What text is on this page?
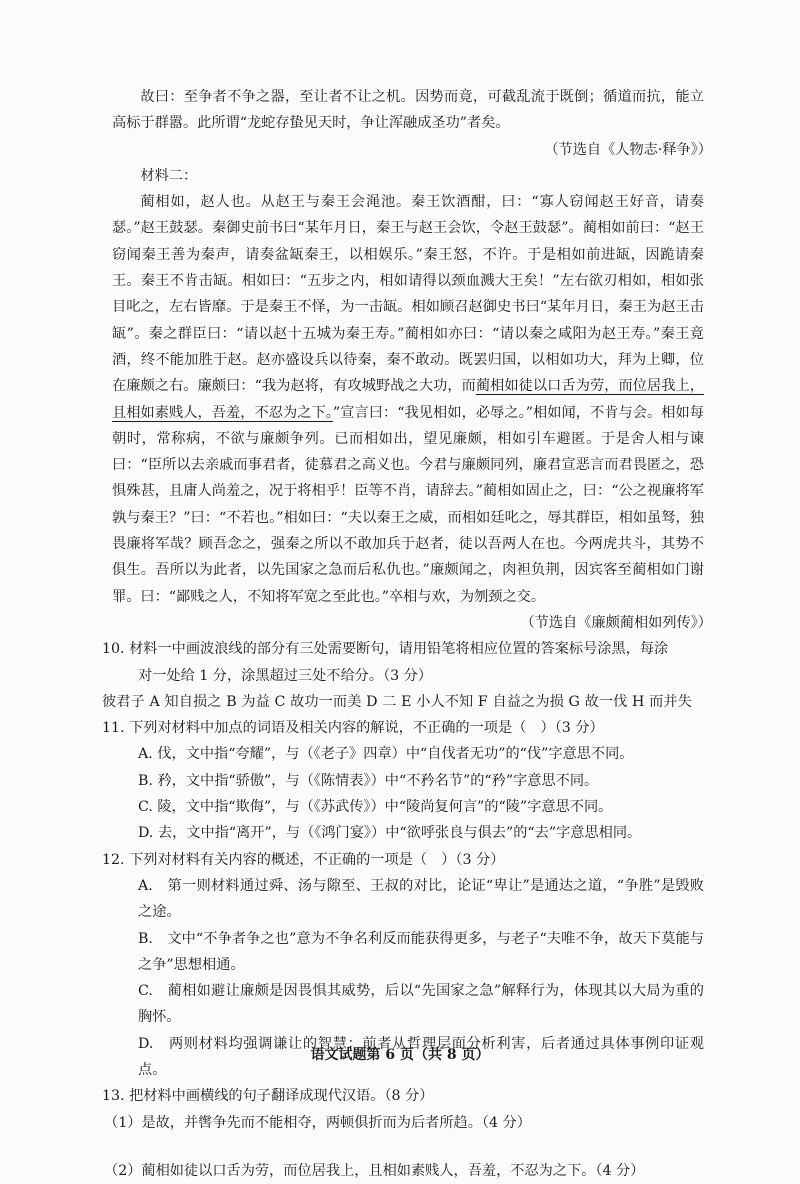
故曰：至争者不争之器，至让者不让之机。因势而竟，可截乱流于既倒；循道而抗，能立高标于群嚣。此所谓“龙蛇存蛰见天时，争让浑融成圣功”者矣。

（节选自《人物志·释争》）

材料二：

蔺相如，赵人也。从赵王与秦王会渑池。秦王饮酒酣，曰：“寡人窃闻赵王好音，请奏瑟。”赵王鼓瑟。秦御史前书曰“某年月日，秦王与赵王会饮，令赵王鼓瑟”。蔺相如前曰：“赵王窃闻秦王善为秦声，请奏盆缻秦王，以相娱乐。”秦王怒，不许。于是相如前进缻，因跪请秦王。秦王不肯击缻。相如曰：“五步之内，相如请得以颈血溅大王矣！”左右欲刃相如，相如张目叱之，左右皆靡。于是秦王不怿，为一击缻。相如顾召赵御史书曰“某年月日，秦王为赵王击缻”。秦之群臣曰：“请以赵十五城为秦王寿。”蔺相如亦曰：“请以秦之咸阳为赵王寿。”秦王竟酒，终不能加胜于赵。赵亦盛设兵以待秦，秦不敢动。既罢归国，以相如功大，拜为上卿，位在廉颇之右。廉颇曰：“我为赵将，有攻城野战之大功，而蔺相如徒以口舌为劳，而位居我上，且相如素贱人，吾羞，不忍为之下。”宣言曰：“我见相如，必辱之。”相如闻，不肯与会。相如每朝时，常称病，不欲与廉颇争列。已而相如出，望见廉颇，相如引车避匿。于是舍人相与谏曰：“臣所以去亲戚而事君者，徒慕君之高义也。今君与廉颇同列，廉君宣恶言而君畏匿之，恐惧殊甚，且庸人尚羞之，况于将相乎！臣等不肖，请辞去。”蔺相如固止之，曰：“公之视廉将军孰与秦王？”曰：“不若也。”相如曰：“夫以秦王之威，而相如廷叱之，辱其群臣，相如虽驽，独畏廉将军哉？顾吾念之，强秦之所以不敢加兵于赵者，徒以吾两人在也。今两虎共斗，其势不俱生。吾所以为此者，以先国家之急而后私仇也。”廉颇闻之，肉袒负荆，因宾客至蔺相如门谢罪。曰：“鄙贱之人，不知将军宽之至此也。”卒相与欢，为刎颈之交。

（节选自《廉颇蔺相如列传》）

10. 材料一中画波浪线的部分有三处需要断句，请用铅笔将相应位置的答案标号涂黑，每涂

对一处给 1 分，涂黑超过三处不给分。（3 分）

彼君子 A 知自损之 B 为益 C 故功一而美 D 二 E 小人不知 F 自益之为损 G 故一伐 H 而并失

11. 下列对材料中加点的词语及相关内容的解说，不正确的一项是（　）（3 分）

A. 伐，文中指“夸耀”，与（《老子》四章）中“自伐者无功”的“伐”字意思不同。

B. 矜，文中指“骄傲”，与（《陈情表》）中“不矜名节”的“矜”字意思不同。

C. 陵，文中指“欺侮”，与（《苏武传》）中“陵尚复何言”的“陵”字意思不同。

D. 去，文中指“离开”，与（《鸿门宴》）中“欲呼张良与俱去”的“去”字意思相同。

12. 下列对材料有关内容的概述，不正确的一项是（　）（3 分）

A.　第一则材料通过舜、汤与隙至、王叔的对比，论证“卑让”是通达之道，“争胜”是毁败之途。

B.　文中“不争者争之也”意为不争名利反而能获得更多，与老子“夫唯不争，故天下莫能与之争”思想相通。

C.　蔺相如避让廉颇是因畏惧其威势，后以“先国家之急”解释行为，体现其以大局为重的胸怀。

D.　两则材料均强调谦让的智慧：前者从哲理层面分析利害，后者通过具体事例印证观点。

13. 把材料中画横线的句子翻译成现代汉语。（8 分）

（1）是故，并辔争先而不能相夺，两顿俱折而为后者所趋。（4 分）

（2）蔺相如徒以口舌为劳，而位居我上，且相如素贱人，吾羞，不忍为之下。（4 分）

语文试题第 6 页（共 8 页）
